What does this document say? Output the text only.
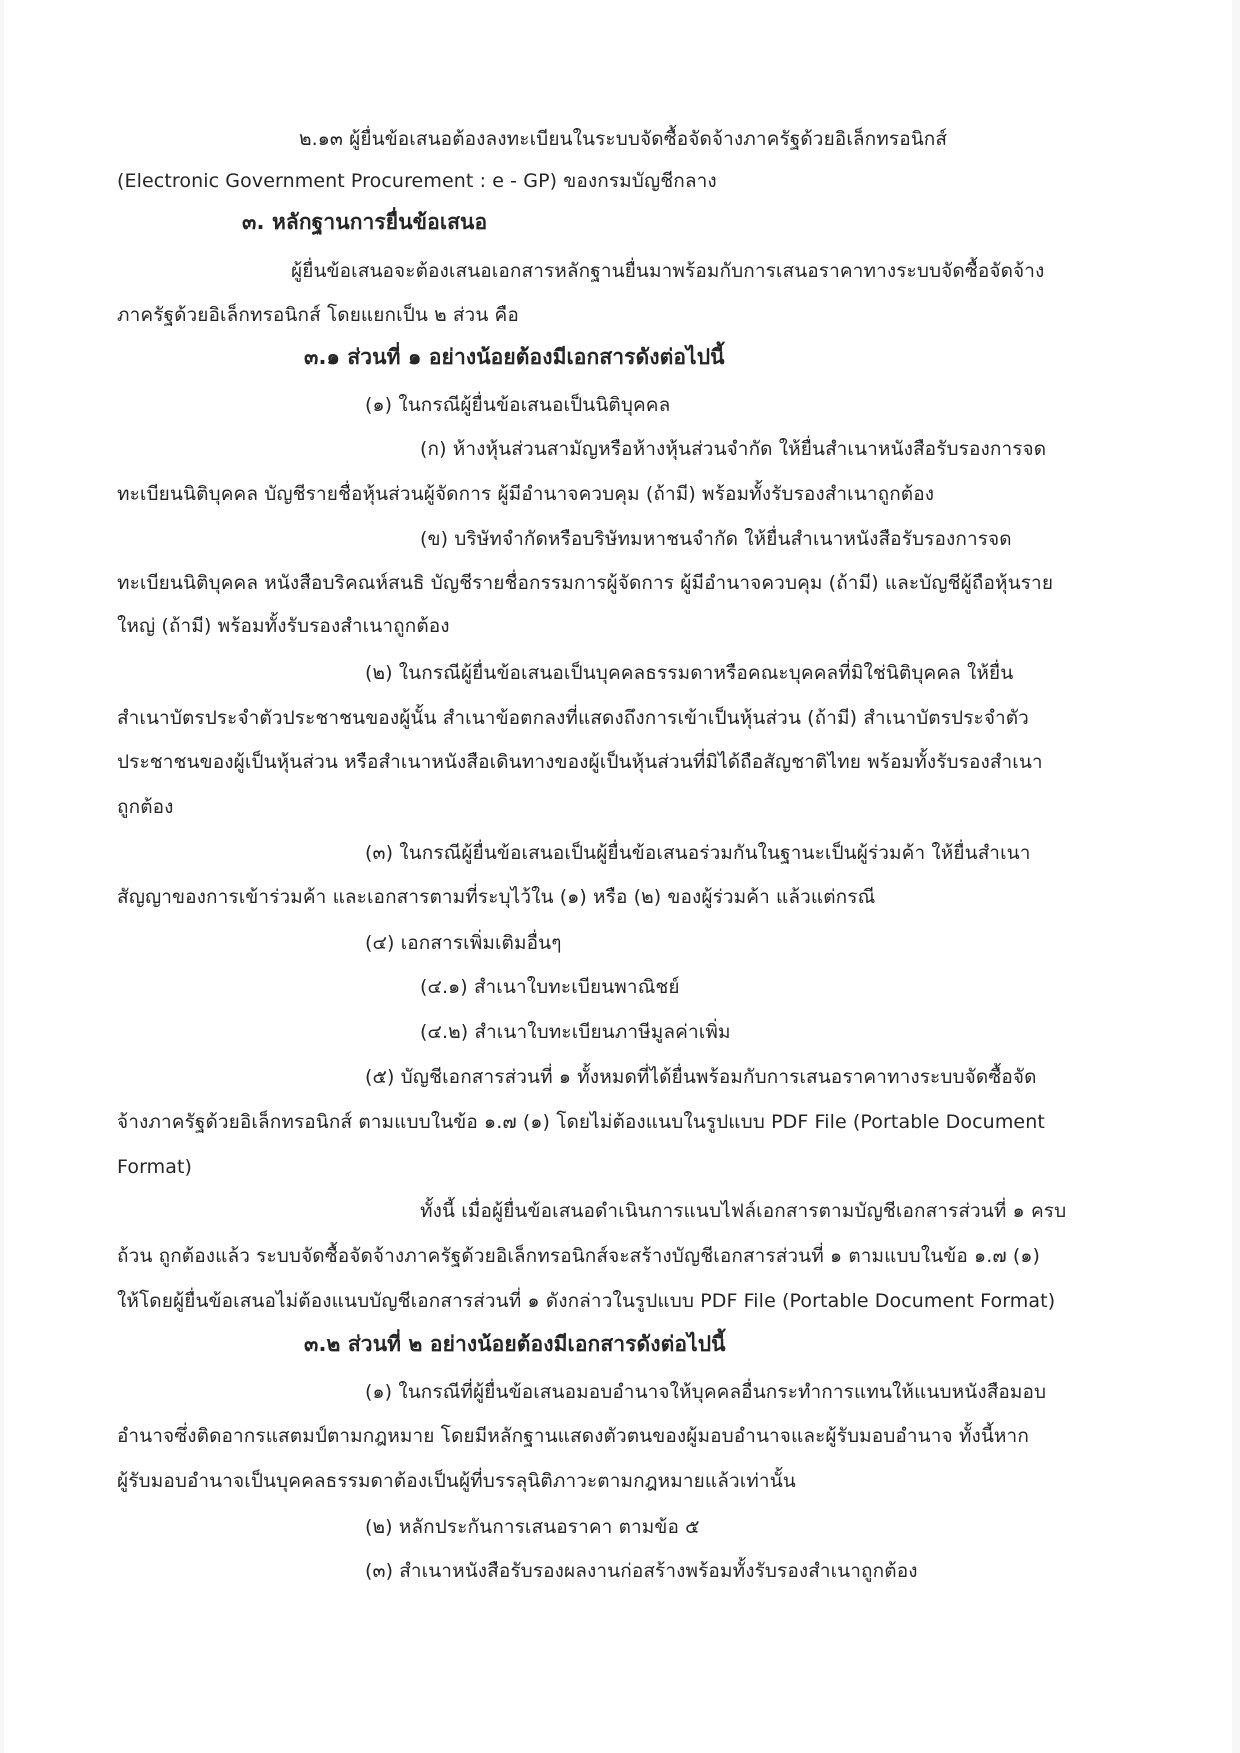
๒.๑๓ ผู้ยื่นข้อเสนอต้องลงทะเบียนในระบบจัดซื้อจัดจ้างภาครัฐด้วยอิเล็กทรอนิกส์
(Electronic Government Procurement : e - GP) ของกรมบัญชีกลาง
๓. หลักฐานการยื่นข้อเสนอ
ผู้ยื่นข้อเสนอจะต้องเสนอเอกสารหลักฐานยื่นมาพร้อมกับการเสนอราคาทางระบบจัดซื้อจัดจ้าง
ภาครัฐด้วยอิเล็กทรอนิกส์ โดยแยกเป็น ๒ ส่วน คือ
๓.๑ ส่วนที่ ๑ อย่างน้อยต้องมีเอกสารดังต่อไปนี้
(๑) ในกรณีผู้ยื่นข้อเสนอเป็นนิติบุคคล
(ก) ห้างหุ้นส่วนสามัญหรือห้างหุ้นส่วนจำกัด ให้ยื่นสำเนาหนังสือรับรองการจด
ทะเบียนนิติบุคคล บัญชีรายชื่อหุ้นส่วนผู้จัดการ ผู้มีอำนาจควบคุม (ถ้ามี) พร้อมทั้งรับรองสำเนาถูกต้อง
(ข) บริษัทจำกัดหรือบริษัทมหาชนจำกัด ให้ยื่นสำเนาหนังสือรับรองการจด
ทะเบียนนิติบุคคล หนังสือบริคณห์สนธิ บัญชีรายชื่อกรรมการผู้จัดการ ผู้มีอำนาจควบคุม (ถ้ามี) และบัญชีผู้ถือหุ้นราย
ใหญ่ (ถ้ามี) พร้อมทั้งรับรองสำเนาถูกต้อง
(๒) ในกรณีผู้ยื่นข้อเสนอเป็นบุคคลธรรมดาหรือคณะบุคคลที่มิใช่นิติบุคคล ให้ยื่น
สำเนาบัตรประจำตัวประชาชนของผู้นั้น สำเนาข้อตกลงที่แสดงถึงการเข้าเป็นหุ้นส่วน (ถ้ามี) สำเนาบัตรประจำตัว
ประชาชนของผู้เป็นหุ้นส่วน หรือสำเนาหนังสือเดินทางของผู้เป็นหุ้นส่วนที่มิได้ถือสัญชาติไทย พร้อมทั้งรับรองสำเนา
ถูกต้อง
(๓) ในกรณีผู้ยื่นข้อเสนอเป็นผู้ยื่นข้อเสนอร่วมกันในฐานะเป็นผู้ร่วมค้า ให้ยื่นสำเนา
สัญญาของการเข้าร่วมค้า และเอกสารตามที่ระบุไว้ใน (๑) หรือ (๒) ของผู้ร่วมค้า แล้วแต่กรณี
(๔) เอกสารเพิ่มเติมอื่นๆ
(๔.๑) สำเนาใบทะเบียนพาณิชย์
(๔.๒) สำเนาใบทะเบียนภาษีมูลค่าเพิ่ม
(๕) บัญชีเอกสารส่วนที่ ๑ ทั้งหมดที่ได้ยื่นพร้อมกับการเสนอราคาทางระบบจัดซื้อจัด
จ้างภาครัฐด้วยอิเล็กทรอนิกส์ ตามแบบในข้อ ๑.๗ (๑) โดยไม่ต้องแนบในรูปแบบ PDF File (Portable Document
Format)
ทั้งนี้ เมื่อผู้ยื่นข้อเสนอดำเนินการแนบไฟล์เอกสารตามบัญชีเอกสารส่วนที่ ๑ ครบ
ถ้วน ถูกต้องแล้ว ระบบจัดซื้อจัดจ้างภาครัฐด้วยอิเล็กทรอนิกส์จะสร้างบัญชีเอกสารส่วนที่ ๑ ตามแบบในข้อ ๑.๗ (๑)
ให้โดยผู้ยื่นข้อเสนอไม่ต้องแนบบัญชีเอกสารส่วนที่ ๑ ดังกล่าวในรูปแบบ PDF File (Portable Document Format)
๓.๒ ส่วนที่ ๒ อย่างน้อยต้องมีเอกสารดังต่อไปนี้
(๑) ในกรณีที่ผู้ยื่นข้อเสนอมอบอำนาจให้บุคคลอื่นกระทำการแทนให้แนบหนังสือมอบ
อำนาจซึ่งติดอากรแสตมป์ตามกฎหมาย โดยมีหลักฐานแสดงตัวตนของผู้มอบอำนาจและผู้รับมอบอำนาจ ทั้งนี้หาก
ผู้รับมอบอำนาจเป็นบุคคลธรรมดาต้องเป็นผู้ที่บรรลุนิติภาวะตามกฎหมายแล้วเท่านั้น
(๒) หลักประกันการเสนอราคา ตามข้อ ๕
(๓) สำเนาหนังสือรับรองผลงานก่อสร้างพร้อมทั้งรับรองสำเนาถูกต้อง
